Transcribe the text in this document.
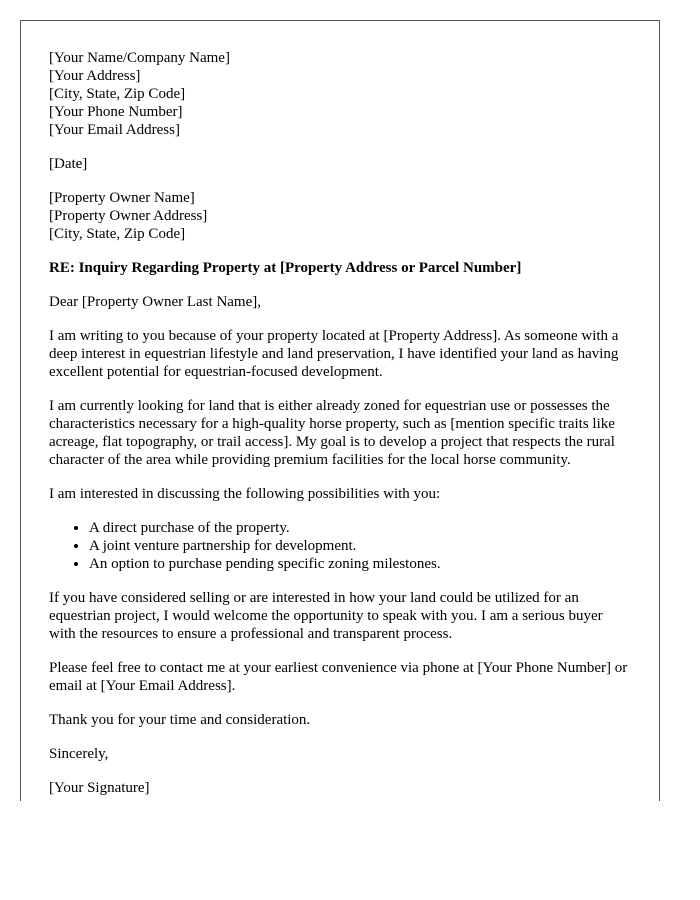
[Your Name/Company Name]
[Your Address]
[City, State, Zip Code]
[Your Phone Number]
[Your Email Address]
[Date]
[Property Owner Name]
[Property Owner Address]
[City, State, Zip Code]

RE: Inquiry Regarding Property at [Property Address or Parcel Number]

Dear [Property Owner Last Name],

I am writing to you because of your property located at [Property Address]. As someone with a deep interest in equestrian lifestyle and land preservation, I have identified your land as having excellent potential for equestrian-focused development.

I am currently looking for land that is either already zoned for equestrian use or possesses the characteristics necessary for a high-quality horse property, such as [mention specific traits like acreage, flat topography, or trail access]. My goal is to develop a project that respects the rural character of the area while providing premium facilities for the local horse community.

I am interested in discussing the following possibilities with you:

• A direct purchase of the property.
• A joint venture partnership for development.
• An option to purchase pending specific zoning milestones.

If you have considered selling or are interested in how your land could be utilized for an equestrian project, I would welcome the opportunity to speak with you. I am a serious buyer with the resources to ensure a professional and transparent process.

Please feel free to contact me at your earliest convenience via phone at [Your Phone Number] or email at [Your Email Address].

Thank you for your time and consideration.

Sincerely,

[Your Signature]
